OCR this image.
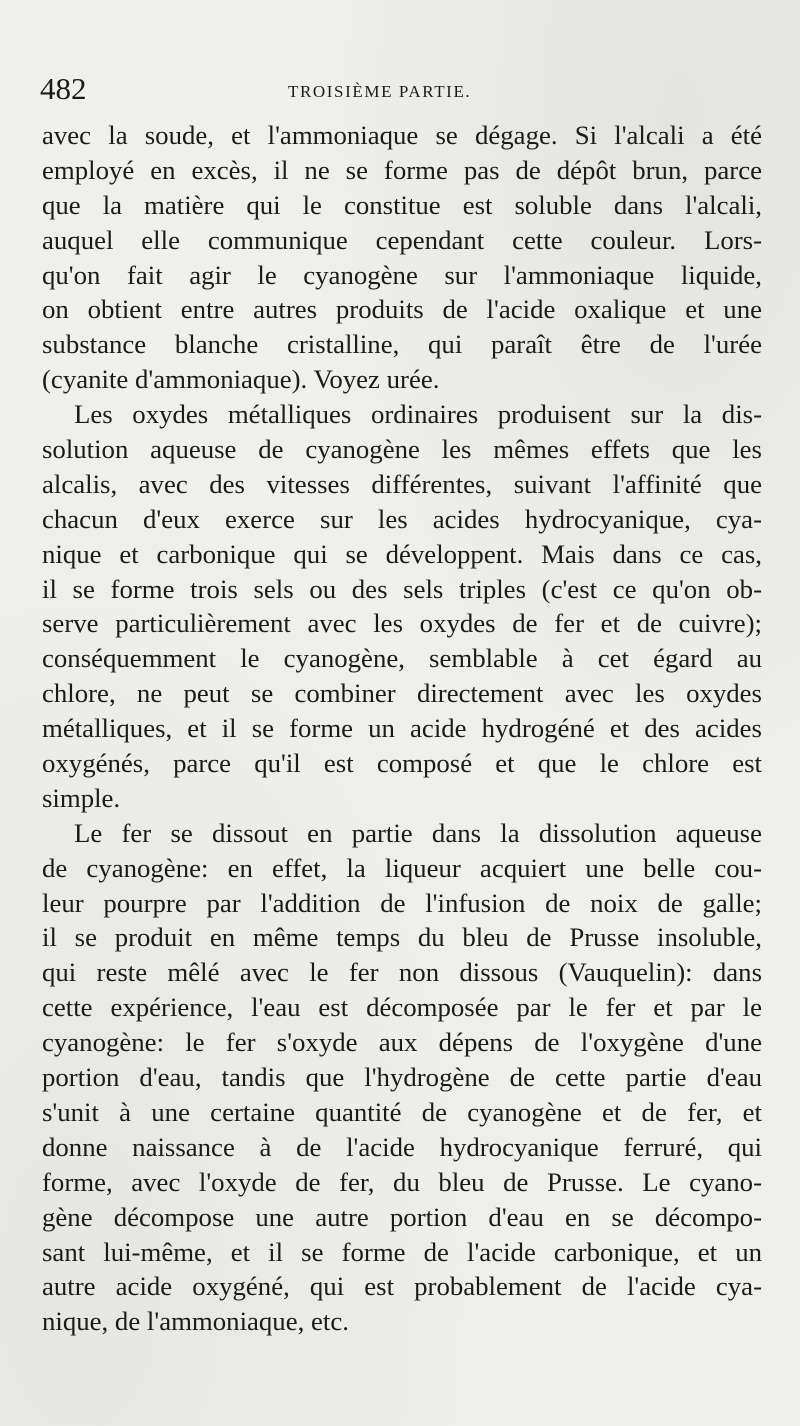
482	TROISIÈME PARTIE.
avec la soude, et l'ammoniaque se dégage. Si l'alcali a été
employé en excès, il ne se forme pas de dépôt brun, parce
que la matière qui le constitue est soluble dans l'alcali,
auquel elle communique cependant cette couleur. Lors-
qu'on fait agir le cyanogène sur l'ammoniaque liquide,
on obtient entre autres produits de l'acide oxalique et une
substance blanche cristalline, qui paraît être de l'urée
(cyanite d'ammoniaque). Voyez urée.
Les oxydes métalliques ordinaires produisent sur la dis-
solution aqueuse de cyanogène les mêmes effets que les
alcalis, avec des vitesses différentes, suivant l'affinité que
chacun d'eux exerce sur les acides hydrocyanique, cya-
nique et carbonique qui se développent. Mais dans ce cas,
il se forme trois sels ou des sels triples (c'est ce qu'on ob-
serve particulièrement avec les oxydes de fer et de cuivre);
conséquemment le cyanogène, semblable à cet égard au
chlore, ne peut se combiner directement avec les oxydes
métalliques, et il se forme un acide hydrogéné et des acides
oxygénés, parce qu'il est composé et que le chlore est
simple.
Le fer se dissout en partie dans la dissolution aqueuse
de cyanogène: en effet, la liqueur acquiert une belle cou-
leur pourpre par l'addition de l'infusion de noix de galle;
il se produit en même temps du bleu de Prusse insoluble,
qui reste mêlé avec le fer non dissous (Vauquelin): dans
cette expérience, l'eau est décomposée par le fer et par le
cyanogène: le fer s'oxyde aux dépens de l'oxygène d'une
portion d'eau, tandis que l'hydrogène de cette partie d'eau
s'unit à une certaine quantité de cyanogène et de fer, et
donne naissance à de l'acide hydrocyanique ferruré, qui
forme, avec l'oxyde de fer, du bleu de Prusse. Le cyano-
gène décompose une autre portion d'eau en se décompo-
sant lui-même, et il se forme de l'acide carbonique, et un
autre acide oxygéné, qui est probablement de l'acide cya-
nique, de l'ammoniaque, etc.
